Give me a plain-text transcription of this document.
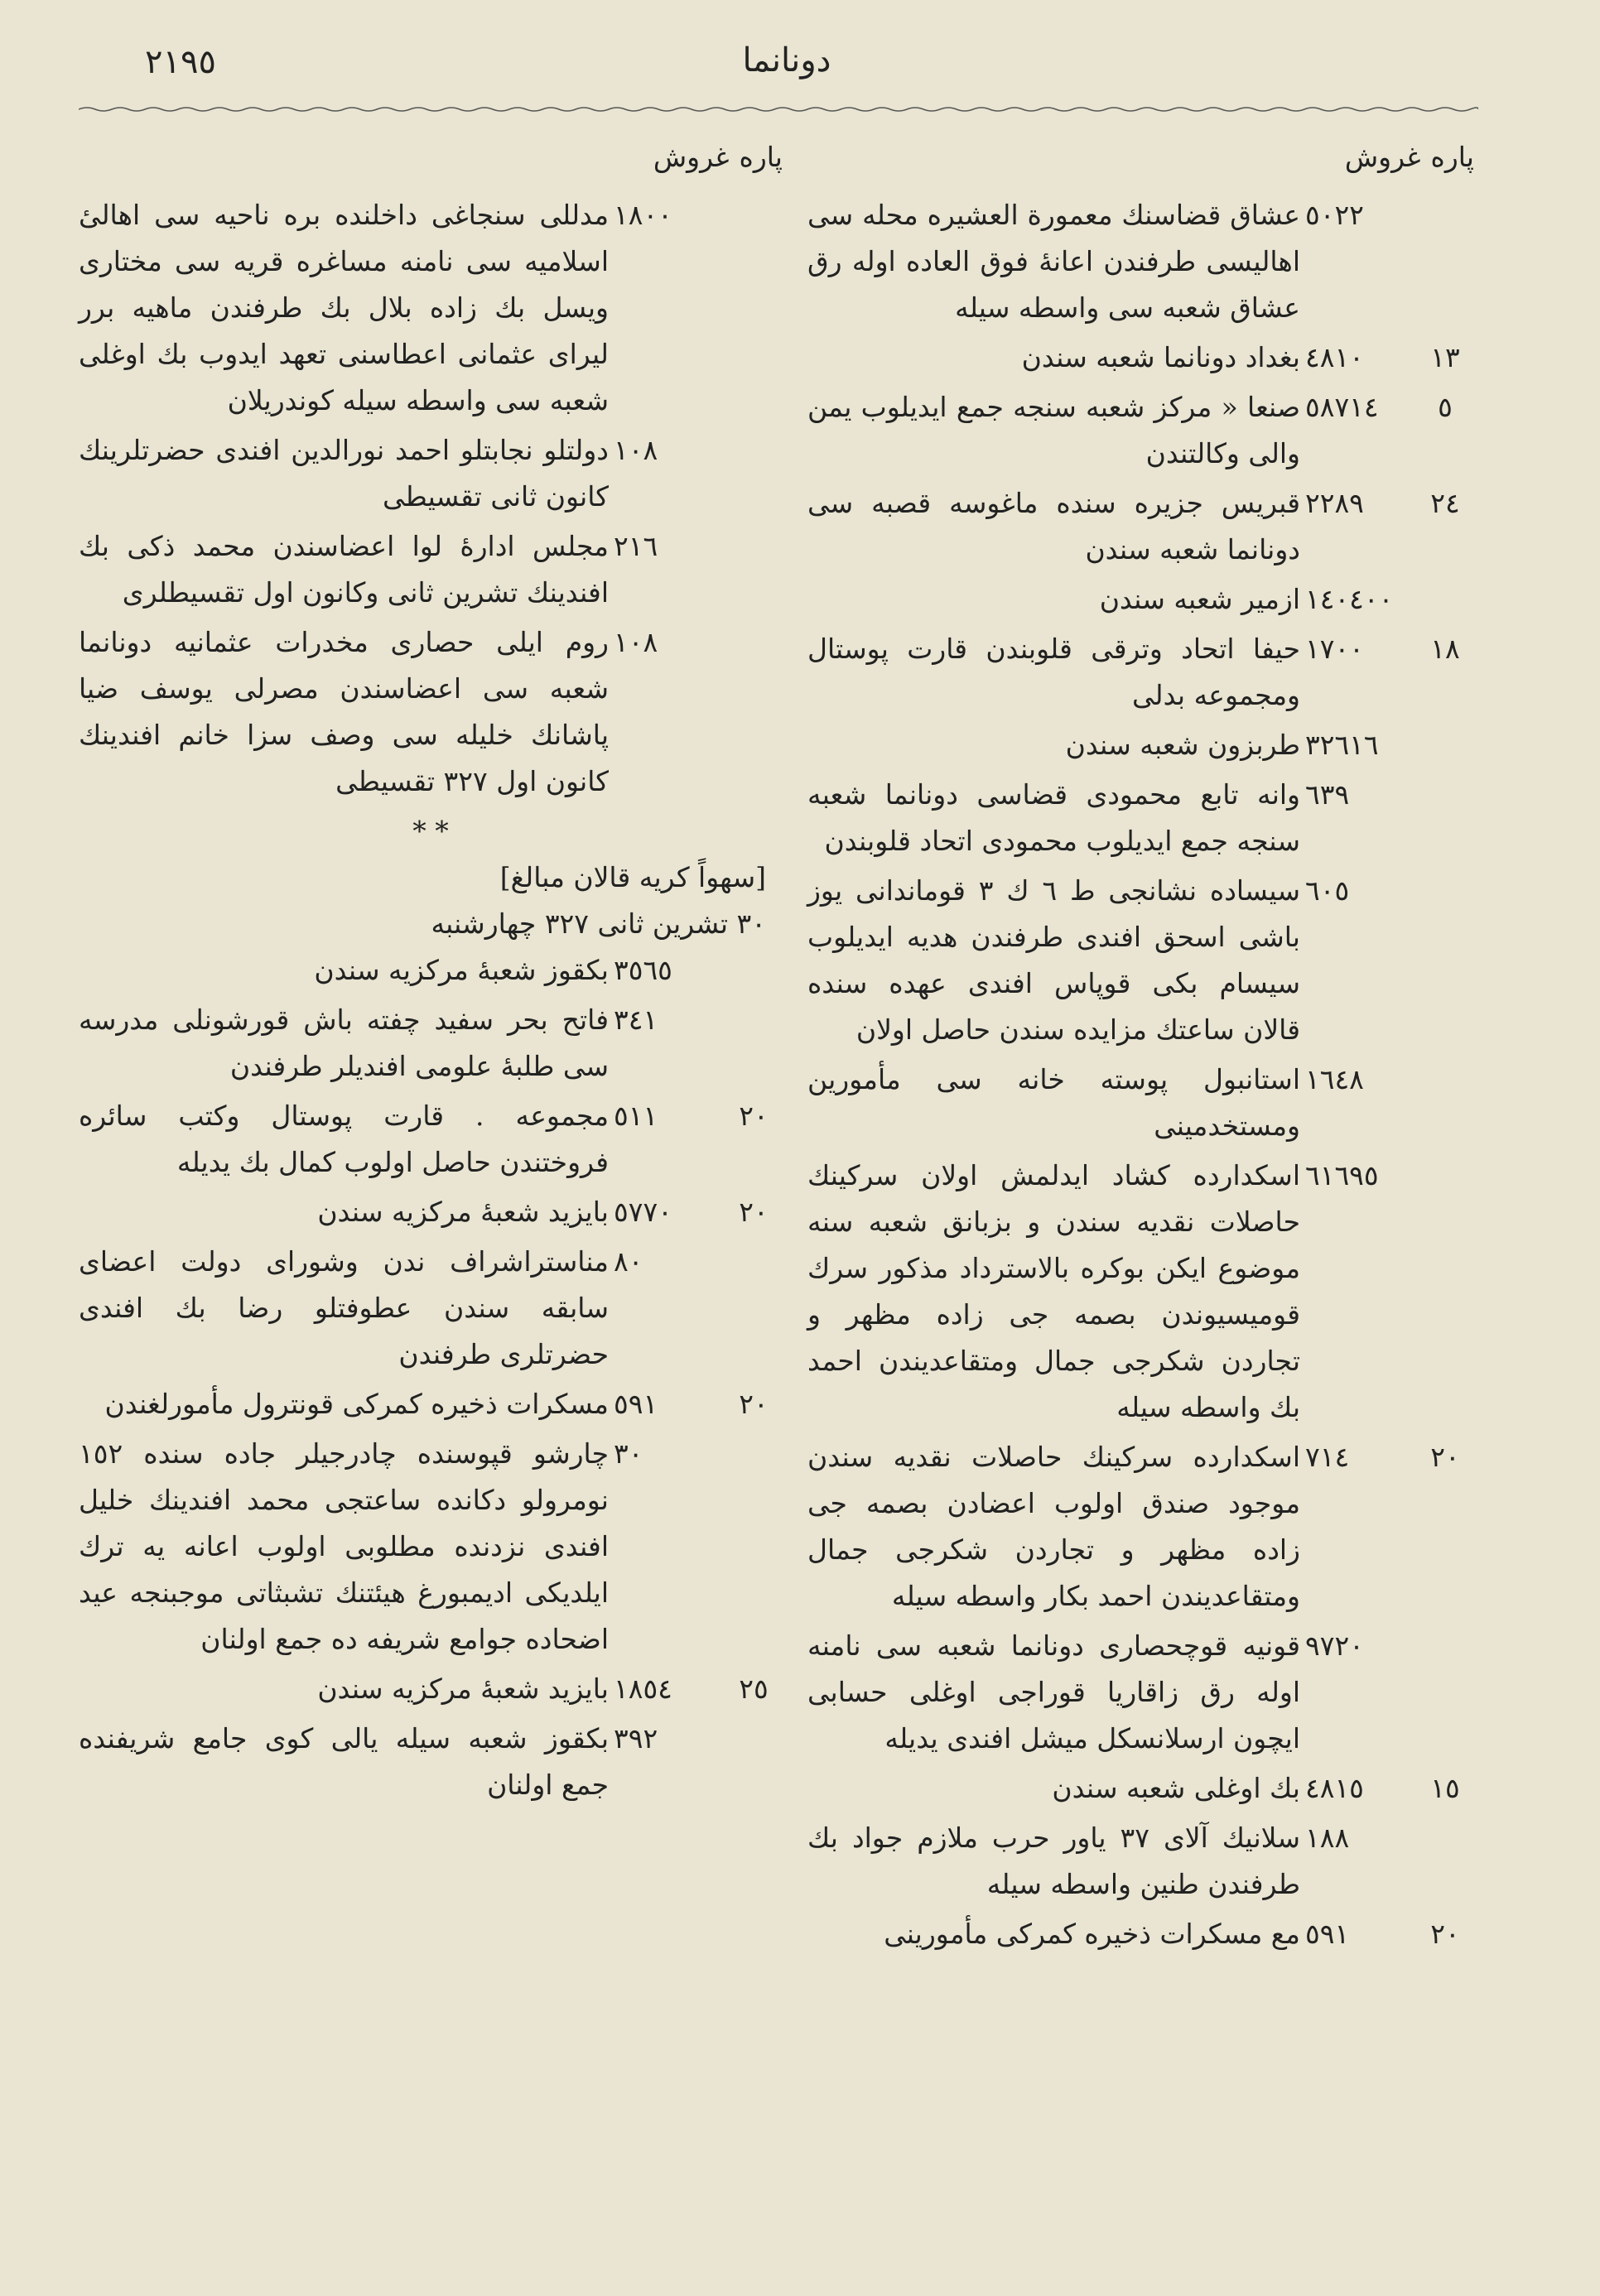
٢١٩٥	دونانما
پاره
غروش
٥٠٢٢
عشاق قضاسنك معمورة العشيره محله سی اهالیسی طرفندن اعانهٔ فوق العاده اوله رق عشاق شعبه سی واسطه سیله
١٣
٤٨١٠
بغداد دونانما شعبه سندن
٥
٥٨٧١٤
صنعا « مركز شعبه سنجه جمع ایدیلوب یمن والی وكالتندن
٢٤
٢٢٨٩
قبریس جزیره سنده ماغوسه قصبه سی دونانما شعبه سندن
١٤٠٤٠٠
ازمیر شعبه سندن
١٨
١٧٠٠
حیفا اتحاد وترقی قلوبندن قارت پوستال ومجموعه بدلی
٣٢٦١٦
طربزون شعبه سندن
٦٣٩
وانه تابع محمودی قضاسی دونانما شعبه سنجه جمع ایدیلوب محمودی اتحاد قلوبندن
٦٠٥
سیساده نشانجی ط ٦ ك ٣ قوماندانی یوز باشی اسحق افندی طرفندن هدیه ایدیلوب سیسام بکی قوپاس افندی عهده سنده قالان ساعتك مزایده سندن حاصل اولان
١٦٤٨
استانبول پوسته خانه سی مأمورین ومستخدمینی
٦١٦٩٥
اسكدارده كشاد ایدلمش اولان سركینك حاصلات نقدیه سندن و بزبانق شعبه سنه موضوع ایكن بوكره بالاسترداد مذكور سرك قومیسیوندن بصمه جی زاده مظهر و تجاردن شكرجی جمال ومتقاعدیندن احمد بك واسطه سیله
٢٠
٧١٤
اسكدارده سركینك حاصلات نقدیه سندن موجود صندق اولوب اعضادن بصمه جی زاده مظهر و تجاردن شكرجی جمال ومتقاعدیندن احمد بكار واسطه سیله
٩٧٢٠
قونیه قوچحصاری دونانما شعبه سی نامنه اوله رق زاقاریا قوراجی اوغلی حسابی ایچون ارسلانسكل میشل افندی یدیله
١٥
٤٨١٥
بك اوغلی شعبه سندن
١٨٨
سلانیك آلای ٣٧ یاور حرب ملازم جواد بك طرفندن طنین واسطه سیله
٢٠
٥٩١
مع مسكرات ذخیره كمركی مأمورینی
پاره
غروش
١٨٠٠
مدللی سنجاغی داخلنده بره ناحیه سی اهالیٔ اسلامیه سی نامنه مساغره قریه سی مختاری ویسل بك زاده بلال بك طرفندن ماهیه برر لیرای عثمانی اعطاسنی تعهد ایدوب بك اوغلی شعبه سی واسطه سیله كوندریلان
١٠٨
دولتلو نجابتلو احمد نورالدین افندی حضرتلرینك كانون ثانی تقسیطی
٢١٦
مجلس ادارهٔ لوا اعضاسندن محمد ذكی بك افندینك تشرین ثانی وكانون اول تقسیطلری
١٠٨
روم ایلی حصاری مخدرات عثمانیه دونانما شعبه سی اعضاسندن مصرلی یوسف ضیا پاشانك خلیله سی وصف سزا خانم افندینك كانون اول ٣٢٧ تقسیطی
* *
[سهواً كریه قالان مبالغ]
٣٠ تشرین ثانی ٣٢٧ چهارشنبه
٣٥٦٥
بكقوز شعبهٔ مركزیه سندن
٣٤١
فاتح بحر سفید چفته باش قورشونلی مدرسه سی طلبهٔ علومی افندیلر طرفندن
٢٠
٥١١
مجموعه . قارت پوستال وكتب سائره فروختندن حاصل اولوب كمال بك یدیله
٢٠
٥٧٧٠
بایزید شعبهٔ مركزیه سندن
٨٠
مناستراشراف ندن وشورای دولت اعضای سابقه سندن عطوفتلو رضا بك افندی حضرتلری طرفندن
٢٠
٥٩١
مسكرات ذخیره كمركی قونترول مأمورلغندن
٣٠
چارشو قپوسنده چادرجیلر جاده سنده ١٥٢ نومرولو دكانده ساعتجی محمد افندینك خلیل افندی نزدنده مطلوبی اولوب اعانه یه ترك ایلدیكی ادیمبورغ هیئتنك تشبثاتی موجبنجه عید اضحاده جوامع شریفه ده جمع اولنان
٢٥
١٨٥٤
بایزید شعبهٔ مركزیه سندن
٣٩٢
بكقوز شعبه سیله یالی كوی جامع شریفنده جمع اولنان
